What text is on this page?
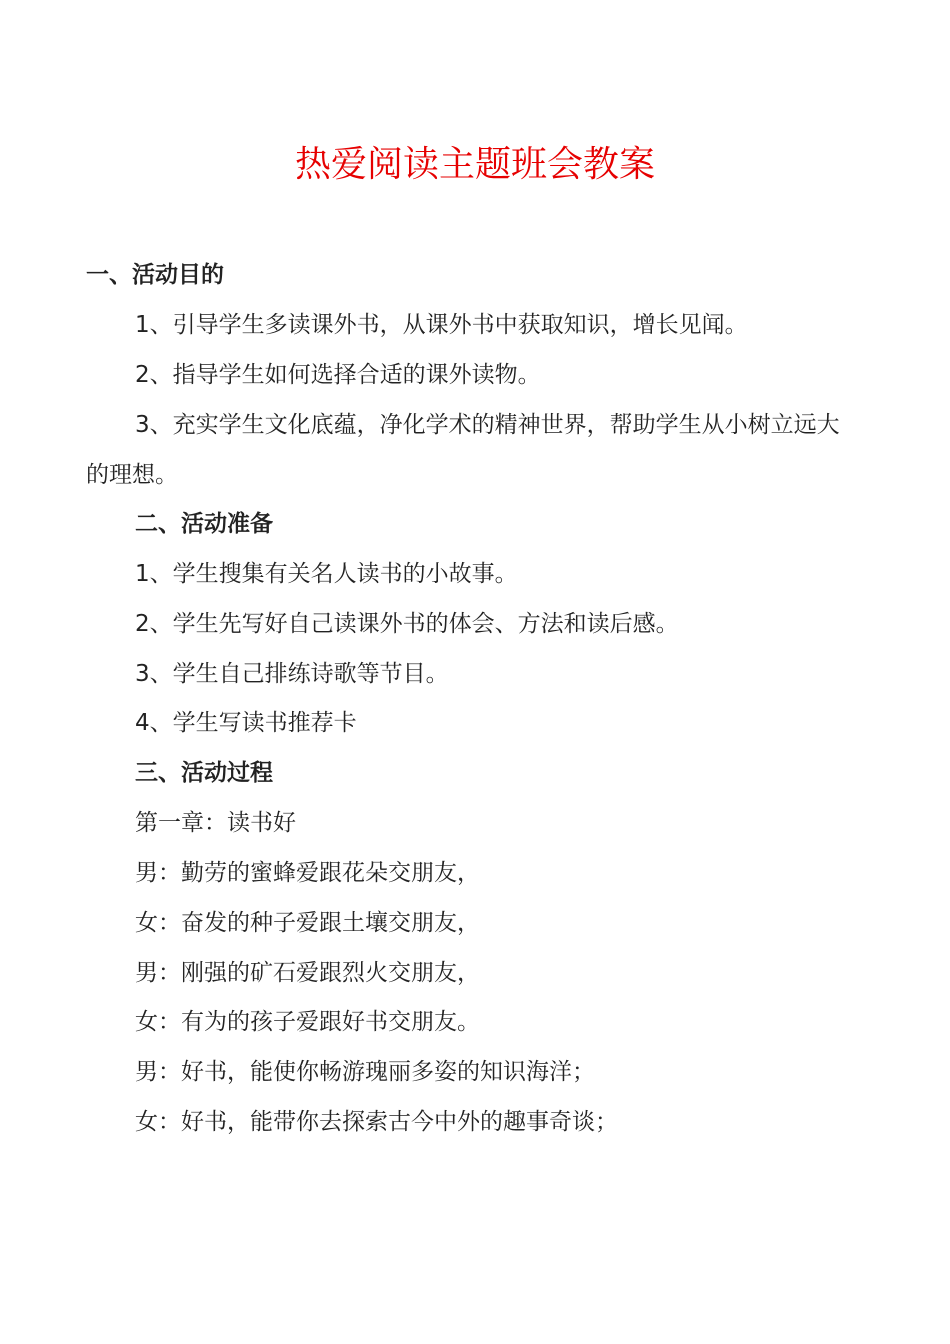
热爱阅读主题班会教案
一、活动目的
1、引导学生多读课外书，从课外书中获取知识，增长见闻。
2、指导学生如何选择合适的课外读物。
3、充实学生文化底蕴，净化学术的精神世界，帮助学生从小树立远大的理想。
二、活动准备
1、学生搜集有关名人读书的小故事。
2、学生先写好自己读课外书的体会、方法和读后感。
3、学生自己排练诗歌等节目。
4、学生写读书推荐卡
三、活动过程
第一章：读书好
男：勤劳的蜜蜂爱跟花朵交朋友，
女：奋发的种子爱跟土壤交朋友，
男：刚强的矿石爱跟烈火交朋友，
女：有为的孩子爱跟好书交朋友。
男：好书，能使你畅游瑰丽多姿的知识海洋；
女：好书，能带你去探索古今中外的趣事奇谈；
